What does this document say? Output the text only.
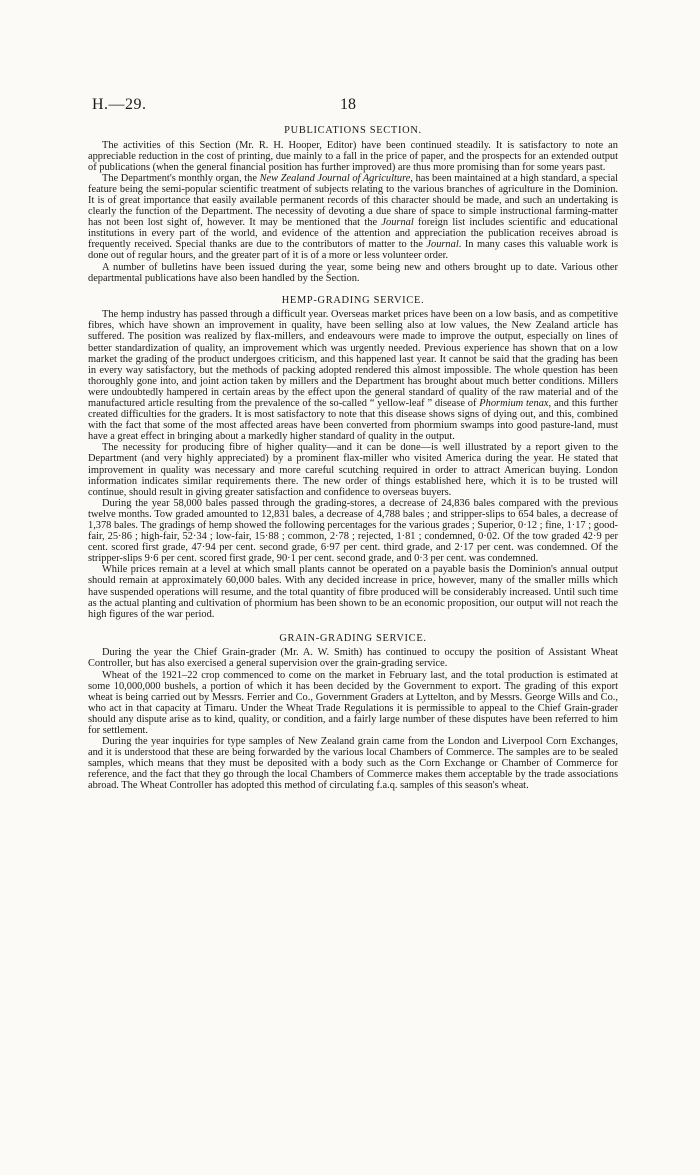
H.—29.	18
PUBLICATIONS SECTION.

The activities of this Section (Mr. R. H. Hooper, Editor) have been continued steadily. It is satisfactory to note an appreciable reduction in the cost of printing, due mainly to a fall in the price of paper, and the prospects for an extended output of publications (when the general financial position has further improved) are thus more promising than for some years past.

The Department's monthly organ, the New Zealand Journal of Agriculture, has been maintained at a high standard, a special feature being the semi-popular scientific treatment of subjects relating to the various branches of agriculture in the Dominion. It is of great importance that easily available permanent records of this character should be made, and such an undertaking is clearly the function of the Department. The necessity of devoting a due share of space to simple instructional farming-matter has not been lost sight of, however. It may be mentioned that the Journal foreign list includes scientific and educational institutions in every part of the world, and evidence of the attention and appreciation the publication receives abroad is frequently received. Special thanks are due to the contributors of matter to the Journal. In many cases this valuable work is done out of regular hours, and the greater part of it is of a more or less volunteer order.

A number of bulletins have been issued during the year, some being new and others brought up to date. Various other departmental publications have also been handled by the Section.

HEMP-GRADING SERVICE.

The hemp industry has passed through a difficult year. Overseas market prices have been on a low basis, and as competitive fibres, which have shown an improvement in quality, have been selling also at low values, the New Zealand article has suffered. The position was realized by flax-millers, and endeavours were made to improve the output, especially on lines of better standardization of quality, an improvement which was urgently needed. Previous experience has shown that on a low market the grading of the product undergoes criticism, and this happened last year. It cannot be said that the grading has been in every way satisfactory, but the methods of packing adopted rendered this almost impossible. The whole question has been thoroughly gone into, and joint action taken by millers and the Department has brought about much better conditions. Millers were undoubtedly hampered in certain areas by the effect upon the general standard of quality of the raw material and of the manufactured article resulting from the prevalence of the so-called “ yellow-leaf ” disease of Phormium tenax, and this further created difficulties for the graders. It is most satisfactory to note that this disease shows signs of dying out, and this, combined with the fact that some of the most affected areas have been converted from phormium swamps into good pasture-land, must have a great effect in bringing about a markedly higher standard of quality in the output.

The necessity for producing fibre of higher quality—and it can be done—is well illustrated by a report given to the Department (and very highly appreciated) by a prominent flax-miller who visited America during the year. He stated that improvement in quality was necessary and more careful scutching required in order to attract American buying. London information indicates similar requirements there. The new order of things established here, which it is to be trusted will continue, should result in giving greater satisfaction and confidence to overseas buyers.

During the year 58,000 bales passed through the grading-stores, a decrease of 24,836 bales compared with the previous twelve months. Tow graded amounted to 12,831 bales, a decrease of 4,788 bales ; and stripper-slips to 654 bales, a decrease of 1,378 bales. The gradings of hemp showed the following percentages for the various grades ; Superior, 0·12 ; fine, 1·17 ; good-fair, 25·86 ; high-fair, 52·34 ; low-fair, 15·88 ; common, 2·78 ; rejected, 1·81 ; condemned, 0·02. Of the tow graded 42·9 per cent. scored first grade, 47·94 per cent. second grade, 6·97 per cent. third grade, and 2·17 per cent. was condemned. Of the stripper-slips 9·6 per cent. scored first grade, 90·1 per cent. second grade, and 0·3 per cent. was condemned.

While prices remain at a level at which small plants cannot be operated on a payable basis the Dominion's annual output should remain at approximately 60,000 bales. With any decided increase in price, however, many of the smaller mills which have suspended operations will resume, and the total quantity of fibre produced will be considerably increased. Until such time as the actual planting and cultivation of phormium has been shown to be an economic proposition, our output will not reach the high figures of the war period.

GRAIN-GRADING SERVICE.

During the year the Chief Grain-grader (Mr. A. W. Smith) has continued to occupy the position of Assistant Wheat Controller, but has also exercised a general supervision over the grain-grading service.

Wheat of the 1921–22 crop commenced to come on the market in February last, and the total production is estimated at some 10,000,000 bushels, a portion of which it has been decided by the Government to export. The grading of this export wheat is being carried out by Messrs. Ferrier and Co., Government Graders at Lyttelton, and by Messrs. George Wills and Co., who act in that capacity at Timaru. Under the Wheat Trade Regulations it is permissible to appeal to the Chief Grain-grader should any dispute arise as to kind, quality, or condition, and a fairly large number of these disputes have been referred to him for settlement.

During the year inquiries for type samples of New Zealand grain came from the London and Liverpool Corn Exchanges, and it is understood that these are being forwarded by the various local Chambers of Commerce. The samples are to be sealed samples, which means that they must be deposited with a body such as the Corn Exchange or Chamber of Commerce for reference, and the fact that they go through the local Chambers of Commerce makes them acceptable by the trade associations abroad. The Wheat Controller has adopted this method of circulating f.a.q. samples of this season's wheat.
